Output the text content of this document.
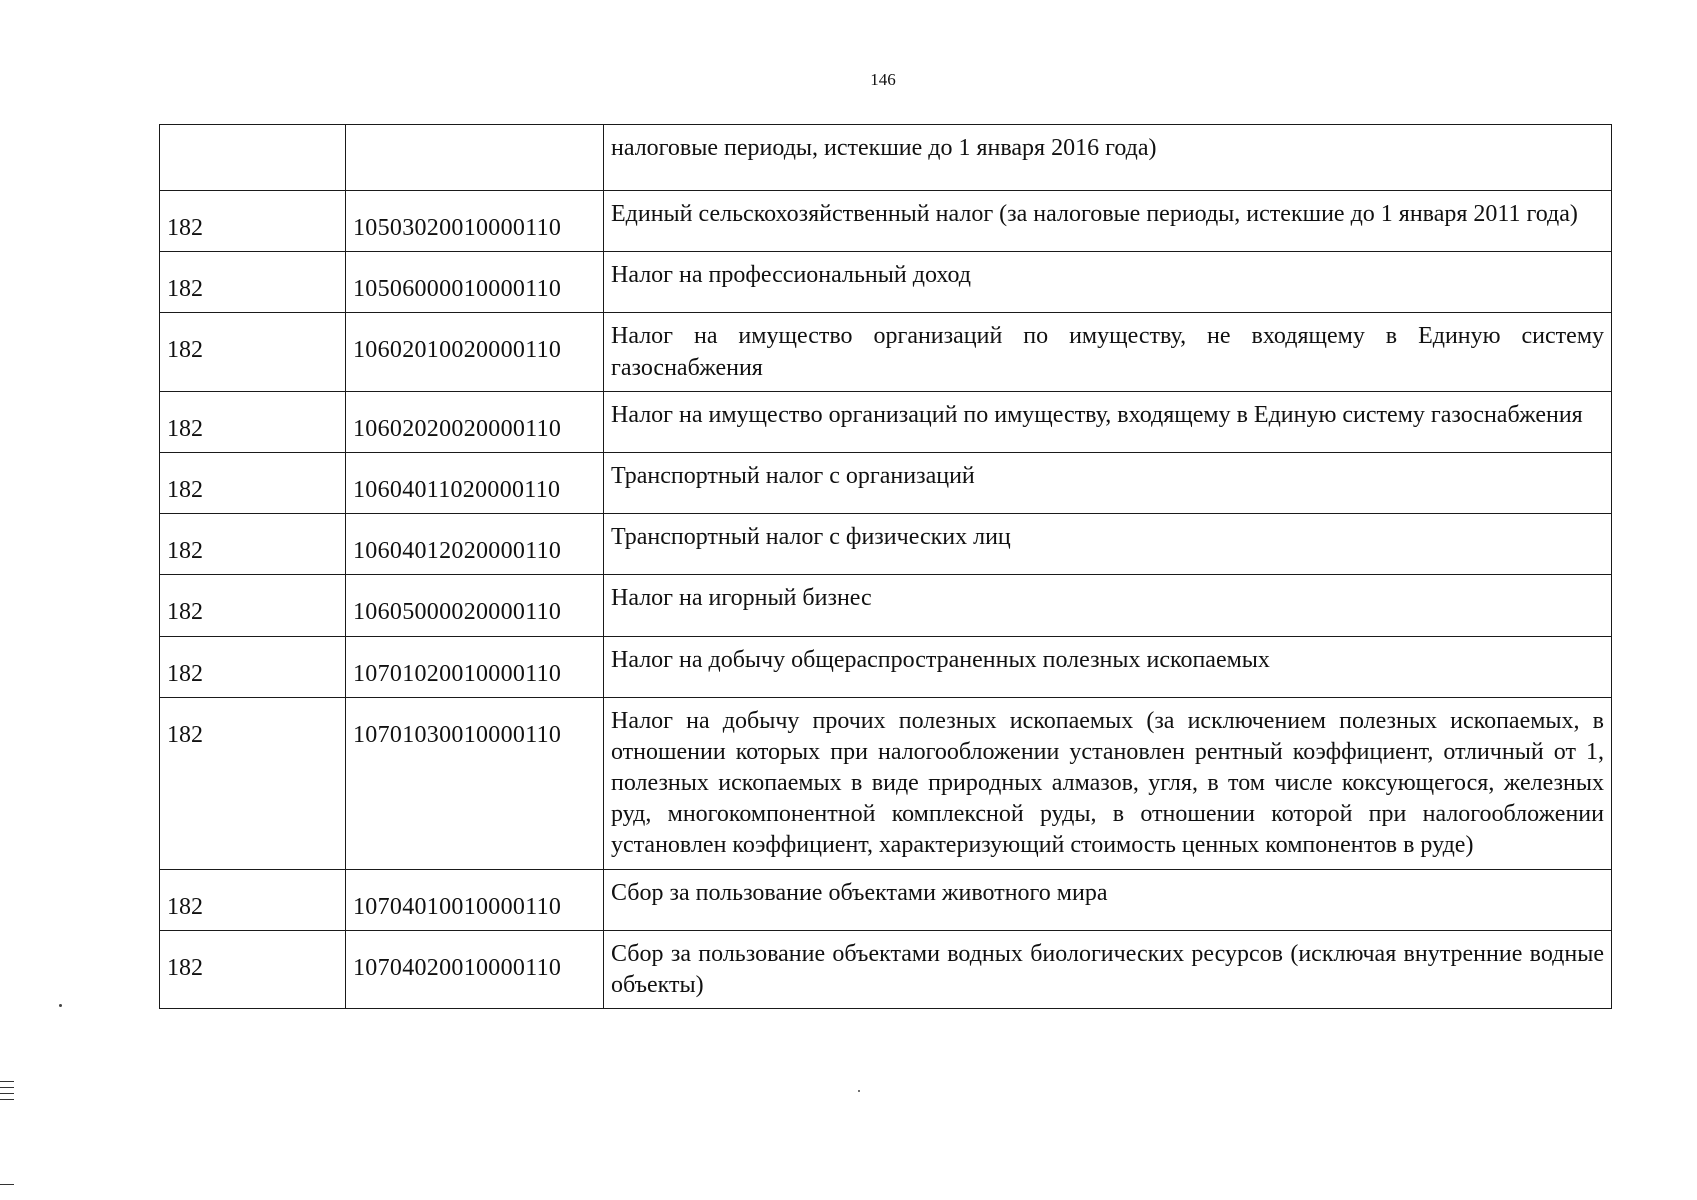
146
		налоговые периоды, истекшие до 1 января 2016 года)
182	10503020010000110	Единый сельскохозяйственный налог (за налоговые периоды, истекшие до 1 января 2011 года)
182	10506000010000110	Налог на профессиональный доход
182	10602010020000110	Налог на имущество организаций по имуществу, не входящему в Единую систему газоснабжения
182	10602020020000110	Налог на имущество организаций по имуществу, входящему в Единую систему газоснабжения
182	10604011020000110	Транспортный налог с организаций
182	10604012020000110	Транспортный налог с физических лиц
182	10605000020000110	Налог на игорный бизнес
182	10701020010000110	Налог на добычу общераспространенных полезных ископаемых
182	10701030010000110	Налог на добычу прочих полезных ископаемых (за исключением полезных ископаемых, в отношении которых при налогообложении установлен рентный коэффициент, отличный от 1, полезных ископаемых в виде природных алмазов, угля, в том числе коксующегося, железных руд, многокомпонентной комплексной руды, в отношении которой при налогообложении установлен коэффициент, характеризующий стоимость ценных компонентов в руде)
182	10704010010000110	Сбор за пользование объектами животного мира
182	10704020010000110	Сбор за пользование объектами водных биологических ресурсов (исключая внутренние водные объекты)
